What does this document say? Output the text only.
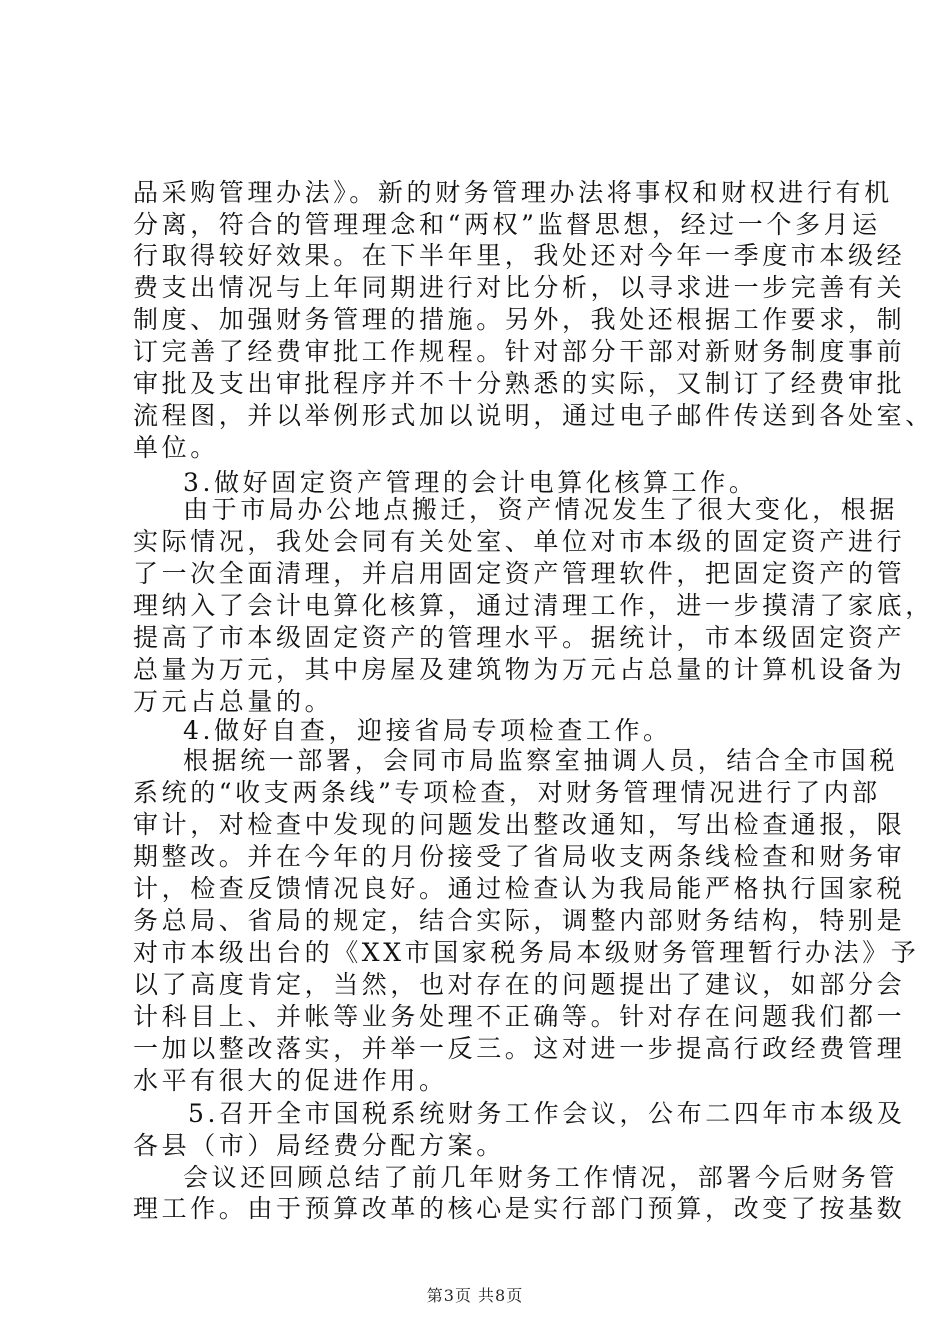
品采购管理办法》。新的财务管理办法将事权和财权进行有机
分离，符合的管理理念和“两权”监督思想，经过一个多月运
行取得较好效果。在下半年里，我处还对今年一季度市本级经
费支出情况与上年同期进行对比分析，以寻求进一步完善有关
制度、加强财务管理的措施。另外，我处还根据工作要求，制
订完善了经费审批工作规程。针对部分干部对新财务制度事前
审批及支出审批程序并不十分熟悉的实际，又制订了经费审批
流程图，并以举例形式加以说明，通过电子邮件传送到各处室、
单位。
3.做好固定资产管理的会计电算化核算工作。
由于市局办公地点搬迁，资产情况发生了很大变化，根据
实际情况，我处会同有关处室、单位对市本级的固定资产进行
了一次全面清理，并启用固定资产管理软件，把固定资产的管
理纳入了会计电算化核算，通过清理工作，进一步摸清了家底，
提高了市本级固定资产的管理水平。据统计，市本级固定资产
总量为万元，其中房屋及建筑物为万元占总量的计算机设备为
万元占总量的。
4.做好自查，迎接省局专项检查工作。
根据统一部署，会同市局监察室抽调人员，结合全市国税
系统的“收支两条线”专项检查，对财务管理情况进行了内部
审计，对检查中发现的问题发出整改通知，写出检查通报，限
期整改。并在今年的月份接受了省局收支两条线检查和财务审
计，检查反馈情况良好。通过检查认为我局能严格执行国家税
务总局、省局的规定，结合实际，调整内部财务结构，特别是
对市本级出台的《XX市国家税务局本级财务管理暂行办法》予
以了高度肯定，当然，也对存在的问题提出了建议，如部分会
计科目上、并帐等业务处理不正确等。针对存在问题我们都一
一加以整改落实，并举一反三。这对进一步提高行政经费管理
水平有很大的促进作用。
5.召开全市国税系统财务工作会议，公布二四年市本级及
各县（市）局经费分配方案。
会议还回顾总结了前几年财务工作情况，部署今后财务管
理工作。由于预算改革的核心是实行部门预算，改变了按基数
第3页 共8页
